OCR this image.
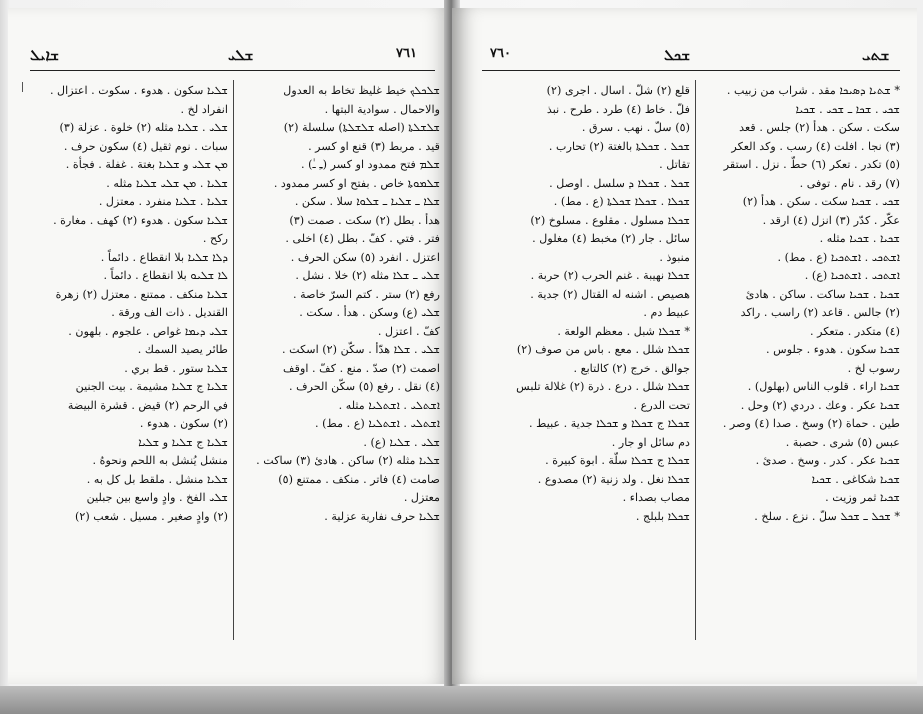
ܫܐܝܠ	ܫܠܝ	٧٦١
ܫܠܟܠܟ خيط غليظ تخاط به العدول
والاحمال . سوادية البتها .
ܫܠܫܠܬܐ (اصله ܫܠܫܠܬܐ) سلسلة (٢)
قيد . مربط (٣) قنع او كسر .
ܫܠܡ فتح ممدود او كسر (ـِ ـٰ) .
ܫܠܡܘܬܐ خاص . بفتح او كسر ممدود .
ܫܠܐ ـ ܫܠܝܐ ـ ܫܠܘܐ سلا . سكن .
هدأ . بطل (٢) سكت . صمت (٣)
فتر . فتي . كفّ . بطل (٤) اخلى .
اعتزل . انفرد (٥) سكن الحرف .
ܫܠܝ ـ ܫܠܐ مثله (٢) خلا . نشل .
رفع (٢) ستر . كتم السرّ خاصة .
ܫܠܝ (ع) وسكن . هدأ . سكت .
كفّ . اعتزل .
ܫܠܝ . ܫܠܐ هدّأ . سكّن (٢) اسكت .
اصمت (٢) صدّ . منع . كفّ . اوقف
(٤) نقل . رفع (٥) سكّن الحرف .
ܐܫܬܠܝ . ܐܫܬܠܝܐ مثله .
ܐܫܬܠܝ . ܐܫܬܠܝܐ (ع . مط) .
ܫܠܝ . ܫܠܝܐ (ع) .
ܫܠܝܐ مثله (٢) ساكن . هادئ (٣) ساكت .
صامت (٤) فاتر . منكف . ممتنع (٥)
معتزل .
ܫܠܝܐ حرف نفارية عزلية .
ܫܠܝܐ سكون . هدوء . سكوت . اعتزال .
انفراد لخ .
ܫܠܝ . ܫܠܝܐ مثله (٢) خلوة . عزلة (٣)
سبات . نوم ثقيل (٤) سكون حرف .
ܡܢ ܫܠܝ و ܫܠܝܐ بغتة . غفلة . فجأة .
ܫܠܝܐ . ܡܢ ܫܠܝ ܫܠܝܐ مثله .
ܫܠܝܐ . ܫܠܝܐ منفرد . معتزل .
ܫܠܝܐ سكون . هدوء (٢) كهف . مغارة .
ركح .
ܕܠܐ ܫܠܝܐ بلا انقطاع . دائماً .
ܠܐ ܫܠܝܘ بلا انقطاع . دائماً .
ܫܠܝܐ منكف . ممتنع . معتزل (٢) زهرة
القنديل . ذات الف ورقة .
ܫܠܝ ܕܝܡܐ غواص . علجوم . بلهون .
طائر يصيد السمك .
ܫܠܝܐ ستور . قط بري .
ܫܠܝܐ ج ܫܠܝܐ مشيمة . بيت الجنين
في الرحم (٢) قيض . قشرة البيضة
(٢) سكون . هدوء .
ܫܠܝܐ ج ܫܠܝܐ و ܫܠܝܐ
منشل يُنشل به اللحم ونحوهُ .
ܫܠܝܐ منشل . ملقط بل كل به .
ܫܠܝ الفخ . وادٍ واسع بين جبلين
(٢) وادٍ صغير . مسيل . شعب (٢)
٧٦٠	ܫܟܠ	ܫܬܝ
* ܫܬܝܐ ܕܣܝܟܐ مقد . شراب من زبيب .
ܫܟܝ . ܫܟܐ ـ ܫܟܝ . ܫܟܝܐ
سكت . سكن . هدأ (٢) جلس . قعد
(٣) نجا . افلت (٤) رسب . وكد العكر
(٥) تكدر . تعكر (٦) حطّ . نزل . استقر
(٧) رقد . نام . توفى .
ܫܟܝ . ܫܟܝܐ سكت . سكن . هدأ (٢)
عكّر . كدّر (٣) انزل (٤) ارقد .
ܫܟܝܐ . ܫܟܝܐ مثله .
ܐܫܬܟܝ . ܐܫܬܟܝܐ (ع . مط) .
ܐܫܬܟܝ . ܐܫܬܟܝܐ (ع) .
ܫܟܝܐ . ܫܟܝܐ ساكت . ساكن . هادئ
(٢) جالس . قاعد (٢) راسب . راكد
(٤) متكدر . متعكر .
ܫܟܝܐ سكون . هدوء . جلوس .
رسوب لخ .
ܫܟܝܐ اراء . قلوب الناس (بهلول) .
ܫܟܝܐ عكر . وعك . دردي (٢) وحل .
طين . حماة (٢) وسخ . صدا (٤) وصر .
عبس (٥) شرى . حصبة .
ܫܟܝܐ عكر . كدر . وسخ . صدئ .
ܫܟܝܐ شكاغى . ܫܟܝܐ
ܫܟܝܐ ثمر وزيت .
* ܫܟܠ ـ ܫܟܠ سلّ . نزع . سلخ .
قلع (٢) شلّ . اسال . اجرى (٢)
فلّ . خاط (٤) طرد . طرح . نبذ
(٥) سلّ . نهب . سرق .
ܫܟܠ . ܫܟܠܬܐ بالغتة (٢) تحارب .
تقاتل .
ܫܟܠ . ܫܟܠܐ ܕ سلسل . اوصل .
ܫܟܠܐ . ܫܟܠܐ ܫܟܠܬܐ (ع . مط) .
ܫܟܠܐ مسلول . مقلوع . مسلوخ (٢)
سائل . جار (٢) مخبط (٤) مغلول .
منبوذ .
ܫܟܠܐ نهيبة . غنم الحرب (٢) حربة .
هصيص . اشنه له القتال (٢) جدية .
عبيط دم .
* ܫܟܠܐ شبل . معظم الولعة .
ܫܟܠܐ شلل . معع . باس من صوف (٢)
جوالق . خرج (٢) كالتابع .
ܫܟܠܐ شلل . درع . ذرة (٢) غلالة تلبس
تحت الدرع .
ܫܟܠܐ ج ܫܟܠܐ و ܫܟܠܐ جدية . عبيط .
دم سائل او جار .
ܫܟܠܐ ج ܫܟܠܐ سلّة . ابوة كبيرة .
ܫܟܠܐ نغل . ولد زنية (٢) مصدوع .
مصاب بصداء .
ܫܟܠܐ بلبلج .
